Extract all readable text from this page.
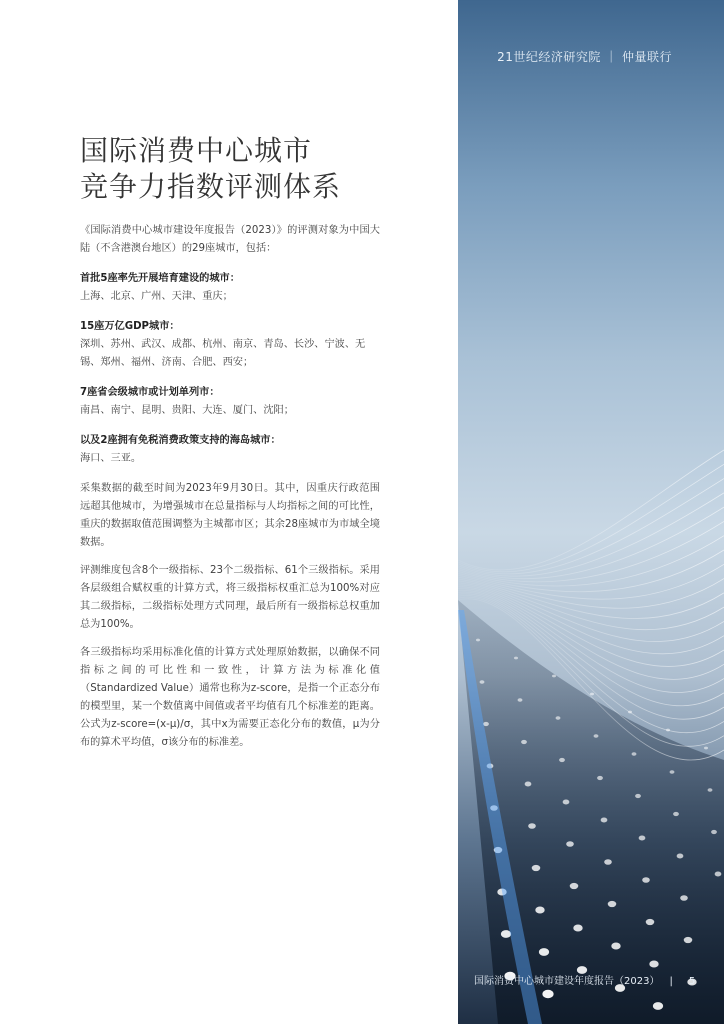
国际消费中心城市
竞争力指数评测体系

《国际消费中心城市建设年度报告（2023）》的评测对象为中国大陆（不含港澳台地区）的29座城市，包括：

首批5座率先开展培育建设的城市：
上海、北京、广州、天津、重庆；
15座万亿GDP城市：
深圳、苏州、武汉、成都、杭州、南京、青岛、长沙、宁波、无锡、郑州、福州、济南、合肥、西安；
7座省会级城市或计划单列市：
南昌、南宁、昆明、贵阳、大连、厦门、沈阳；
以及2座拥有免税消费政策支持的海岛城市：
海口、三亚。

采集数据的截至时间为2023年9月30日。其中，因重庆行政范围远超其他城市，为增强城市在总量指标与人均指标之间的可比性，重庆的数据取值范围调整为主城都市区；其余28座城市为市域全境数据。

评测维度包含8个一级指标、23个二级指标、61个三级指标。采用各层级组合赋权重的计算方式，将三级指标权重汇总为100%对应其二级指标，二级指标处理方式同理，最后所有一级指标总权重加总为100%。

各三级指标均采用标准化值的计算方式处理原始数据，以确保不同指标之间的可比性和一致性，计算方法为标准化值（Standardized Value）通常也称为z-score，是指一个正态分布的模型里，某一个数值离中间值或者平均值有几个标准差的距离。公式为z-score=(x-μ)/σ，其中x为需要正态化分布的数值，μ为分布的算术平均值，σ该分布的标准差。

21世纪经济研究院 ｜ 仲量联行
国际消费中心城市建设年度报告（2023） | 5
